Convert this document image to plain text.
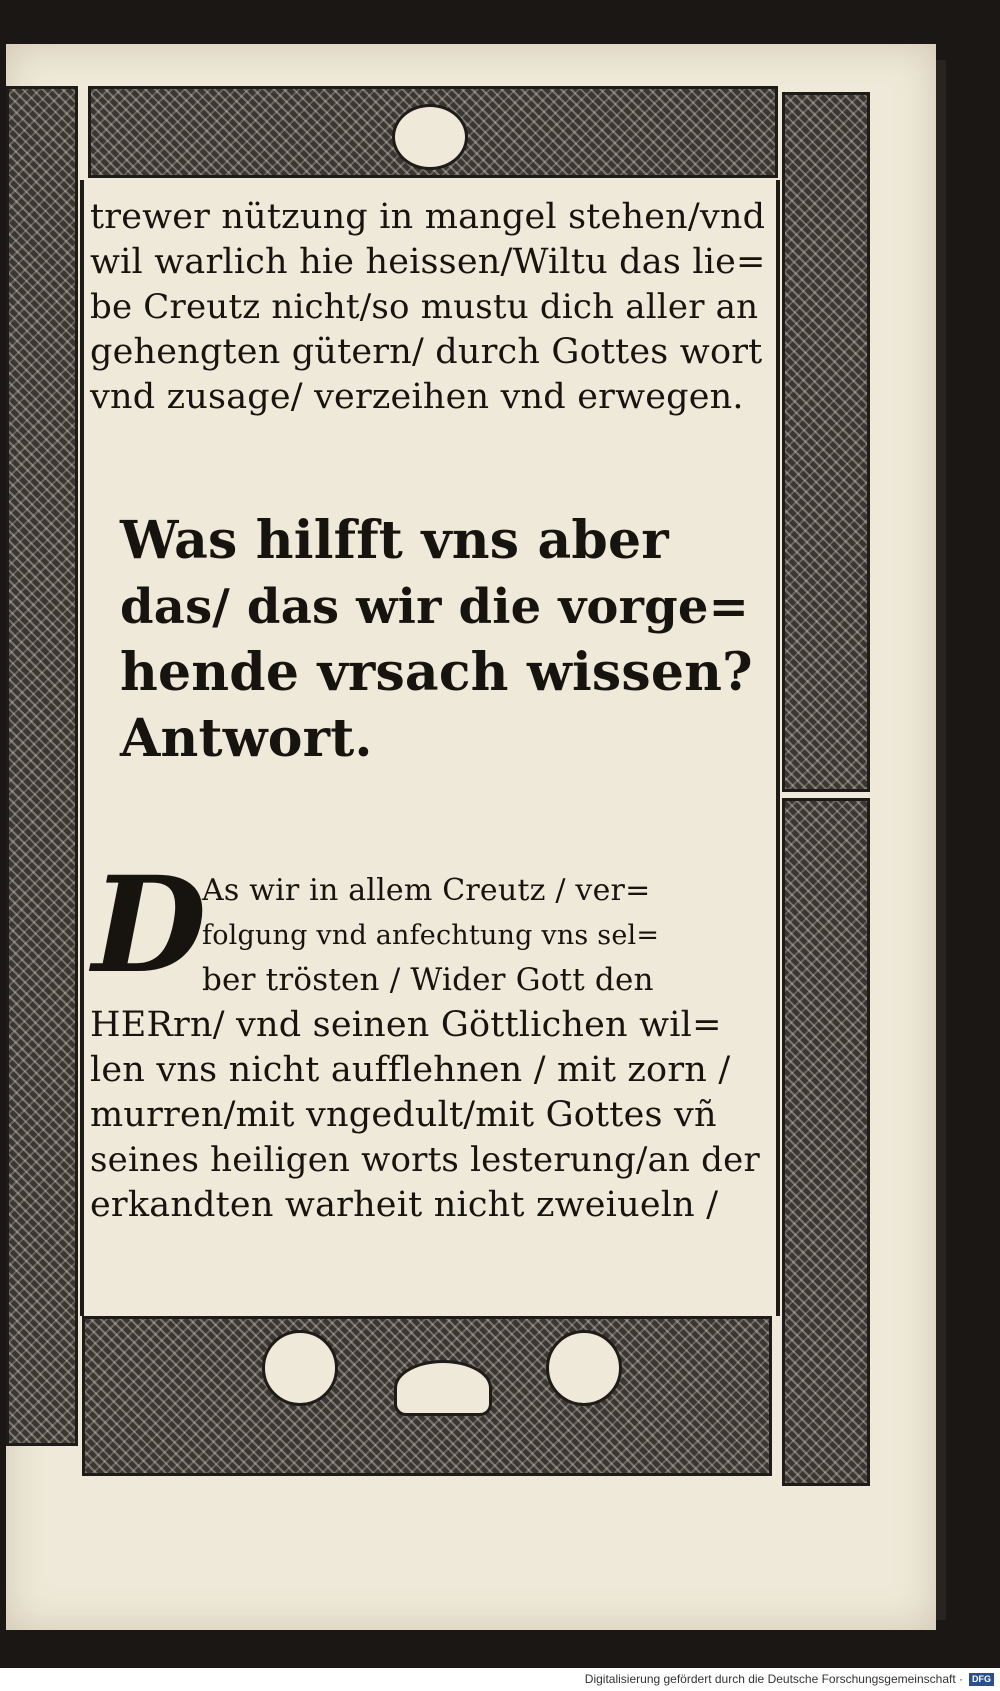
trewer nützung in mangel stehen/vnd
wil warlich hie heissen/Wiltu das lie=
be Creutz nicht/so mustu dich aller an
gehengten gütern/ durch Gottes wort
vnd zusage/ verzeihen vnd erwegen.
Was hilfft vns aber
das/ das wir die vorge=
hende vrsach wissen?
Antwort.
D
As wir in allem Creutz / ver=
folgung vnd anfechtung vns sel=
ber trösten / Wider Gott den
HERrn/ vnd seinen Göttlichen wil=
len vns nicht aufflehnen / mit zorn /
murren/mit vngedult/mit Gottes vñ
seines heiligen worts lesterung/an der
erkandten warheit nicht zweiueln /
Digitalisierung gefördert durch die Deutsche Forschungsgemeinschaft · DFG
